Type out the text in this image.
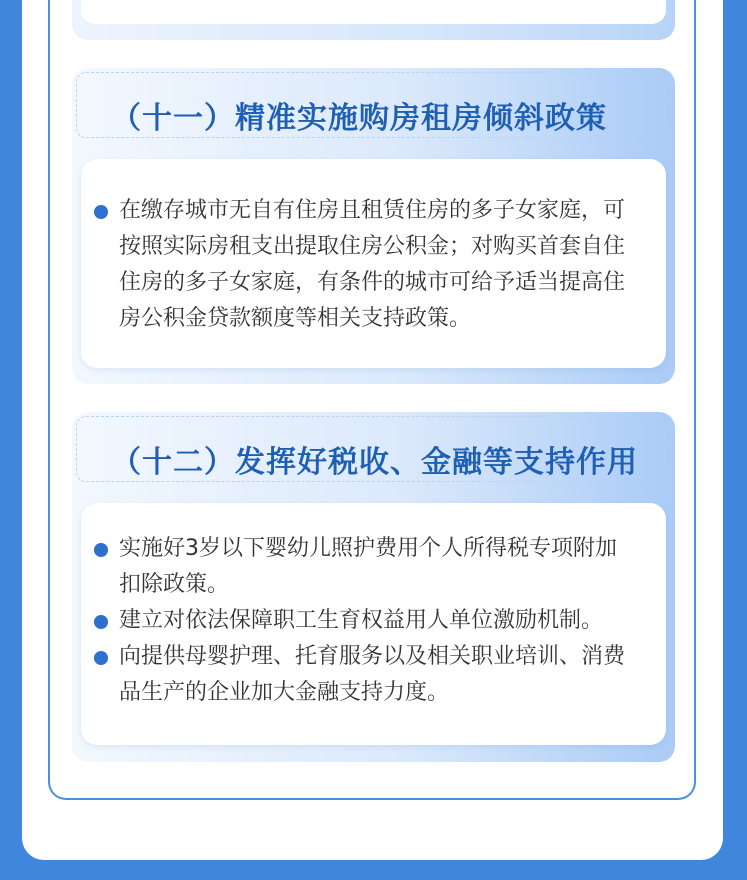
（十一）精准实施购房租房倾斜政策
在缴存城市无自有住房且租赁住房的多子女家庭，可按照实际房租支出提取住房公积金；对购买首套自住住房的多子女家庭，有条件的城市可给予适当提高住房公积金贷款额度等相关支持政策。
（十二）发挥好税收、金融等支持作用
实施好3岁以下婴幼儿照护费用个人所得税专项附加扣除政策。
建立对依法保障职工生育权益用人单位激励机制。
向提供母婴护理、托育服务以及相关职业培训、消费品生产的企业加大金融支持力度。
